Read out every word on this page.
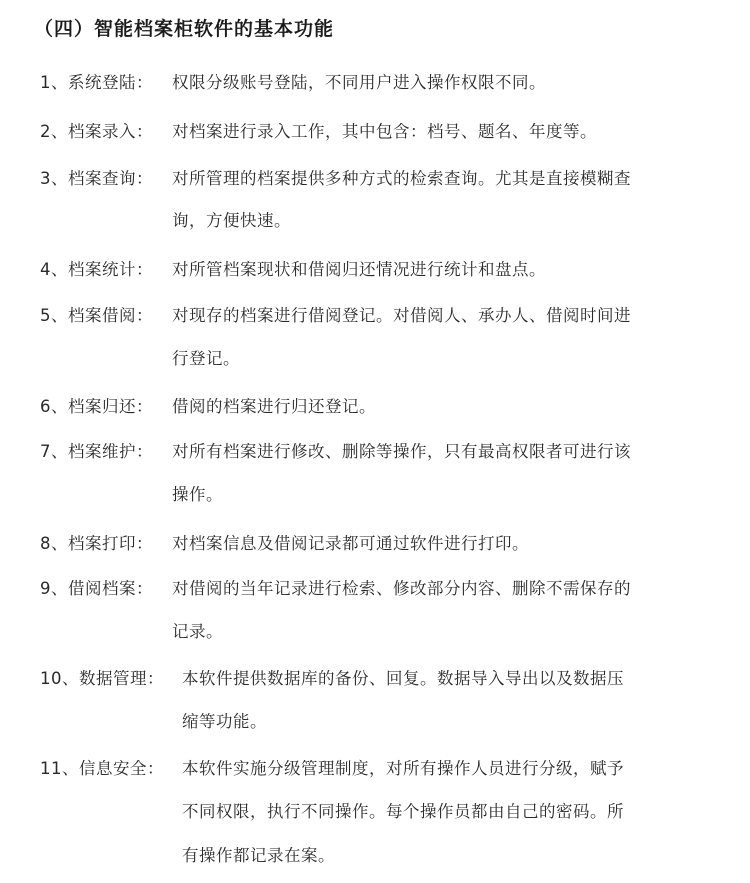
（四）智能档案柜软件的基本功能
1、系统登陆： 权限分级账号登陆，不同用户进入操作权限不同。
2、档案录入： 对档案进行录入工作，其中包含：档号、题名、年度等。
3、档案查询： 对所管理的档案提供多种方式的检索查询。尤其是直接模糊查
询，方便快速。
4、档案统计： 对所管档案现状和借阅归还情况进行统计和盘点。
5、档案借阅： 对现存的档案进行借阅登记。对借阅人、承办人、借阅时间进
行登记。
6、档案归还： 借阅的档案进行归还登记。
7、档案维护： 对所有档案进行修改、删除等操作，只有最高权限者可进行该
操作。
8、档案打印： 对档案信息及借阅记录都可通过软件进行打印。
9、借阅档案： 对借阅的当年记录进行检索、修改部分内容、删除不需保存的
记录。
10、数据管理： 本软件提供数据库的备份、回复。数据导入导出以及数据压
缩等功能。
11、信息安全： 本软件实施分级管理制度，对所有操作人员进行分级，赋予
不同权限，执行不同操作。每个操作员都由自己的密码。所
有操作都记录在案。
